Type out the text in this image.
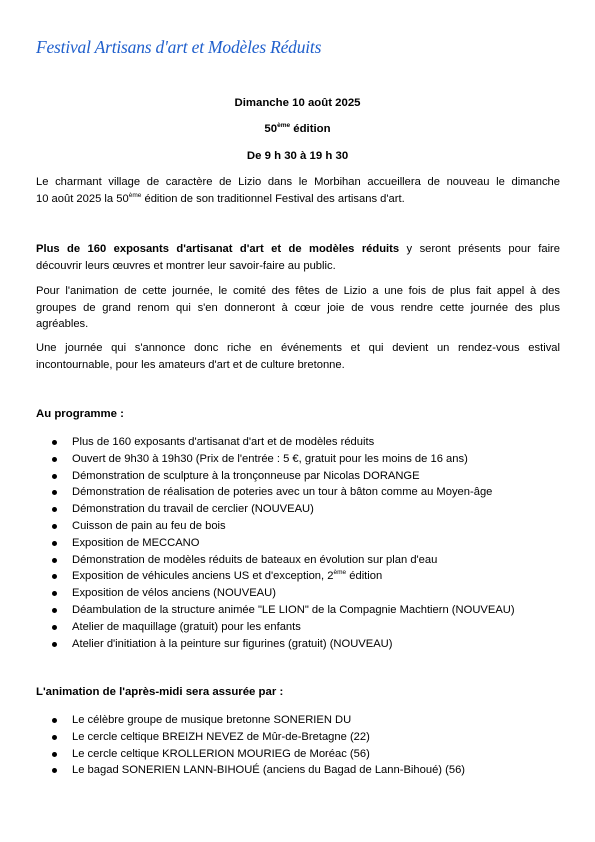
Festival Artisans d'art et Modèles Réduits
Dimanche 10 août 2025
50ème édition
De 9 h 30 à 19 h 30
Le charmant village de caractère de Lizio dans le Morbihan accueillera de nouveau le dimanche
10 août 2025 la 50ème édition de son traditionnel Festival des artisans d'art.
Plus de 160 exposants d'artisanat d'art et de modèles réduits y seront présents pour faire
découvrir leurs œuvres et montrer leur savoir-faire au public.
Pour l'animation de cette journée, le comité des fêtes de Lizio a une fois de plus fait appel à des
groupes de grand renom qui s'en donneront à cœur joie de vous rendre cette journée des plus
agréables.
Une journée qui s'annonce donc riche en événements et qui devient un rendez-vous estival
incontournable, pour les amateurs d'art et de culture bretonne.
Au programme :
Plus de 160 exposants d'artisanat d'art et de modèles réduits
Ouvert de 9h30 à 19h30 (Prix de l'entrée : 5 €, gratuit pour les moins de 16 ans)
Démonstration de sculpture à la tronçonneuse par Nicolas DORANGE
Démonstration de réalisation de poteries avec un tour à bâton comme au Moyen-âge
Démonstration du travail de cerclier (NOUVEAU)
Cuisson de pain au feu de bois
Exposition de MECCANO
Démonstration de modèles réduits de bateaux en évolution sur plan d'eau
Exposition de véhicules anciens US et d'exception, 2ème édition
Exposition de vélos anciens (NOUVEAU)
Déambulation de la structure animée "LE LION" de la Compagnie Machtiern (NOUVEAU)
Atelier de maquillage (gratuit) pour les enfants
Atelier d'initiation à la peinture sur figurines (gratuit) (NOUVEAU)
L'animation de l'après-midi sera assurée par :
Le célèbre groupe de musique bretonne SONERIEN DU
Le cercle celtique BREIZH NEVEZ de Mûr-de-Bretagne (22)
Le cercle celtique KROLLERION MOURIEG de Moréac (56)
Le bagad SONERIEN LANN-BIHOUÉ (anciens du Bagad de Lann-Bihoué) (56)
